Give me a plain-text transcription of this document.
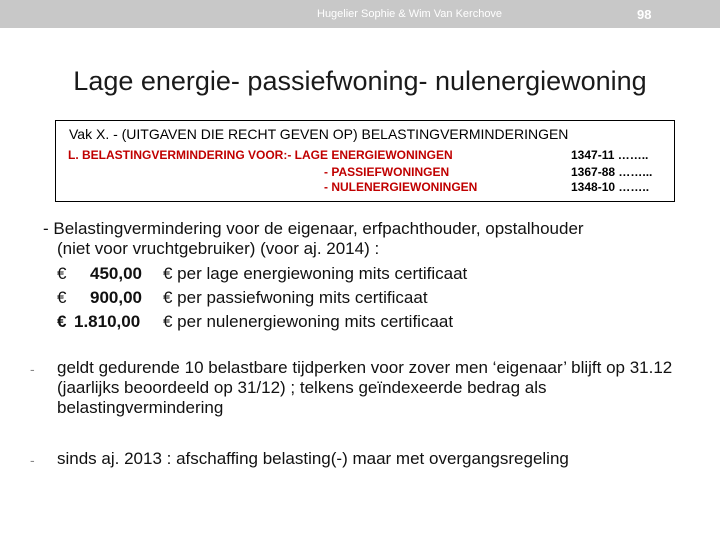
Hugelier Sophie & Wim Van Kerchove	98
Lage energie- passiefwoning- nulenergiewoning
Vak X. - (UITGAVEN DIE RECHT GEVEN OP) BELASTINGVERMINDERINGEN
L. BELASTINGVERMINDERING VOOR:- LAGE ENERGIEWONINGEN	1347-11 ……..
- PASSIEFWONINGEN	1367-88 ……...
- NULENERGIEWONINGEN	1348-10 ……..
- Belastingvermindering voor de eigenaar, erfpachthouder, opstalhouder
(niet voor vruchtgebruiker) (voor aj. 2014) :
€ 450,00 € per lage energiewoning mits certificaat
€ 900,00 € per passiefwoning mits certificaat
€ 1.810,00 € per nulenergiewoning mits certificaat
- geldt gedurende 10 belastbare tijdperken voor zover men ‘eigenaar’ blijft op 31.12 (jaarlijks beoordeeld op 31/12) ; telkens geïndexeerde bedrag als belastingvermindering
- sinds aj. 2013 : afschaffing belasting(-) maar met overgangsregeling
